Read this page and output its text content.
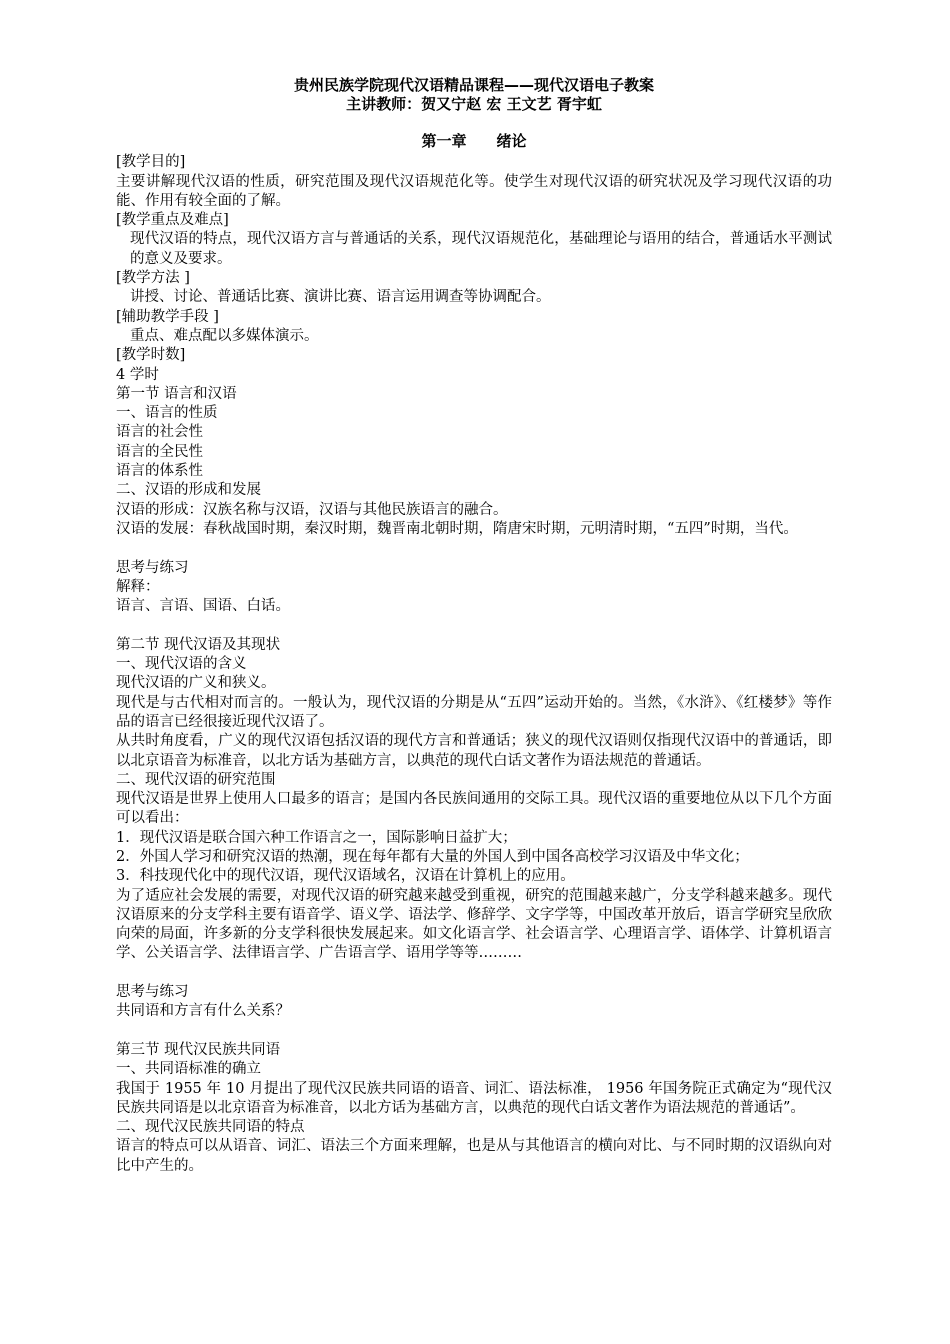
贵州民族学院现代汉语精品课程——现代汉语电子教案
主讲教师：贺又宁赵 宏 王文艺 胥宇虹
第一章　　绪论
[教学目的]
主要讲解现代汉语的性质，研究范围及现代汉语规范化等。使学生对现代汉语的研究状况及学习现代汉语的功能、作用有较全面的了解。
[教学重点及难点]
现代汉语的特点，现代汉语方言与普通话的关系，现代汉语规范化，基础理论与语用的结合，普通话水平测试的意义及要求。
[教学方法 ]
讲授、讨论、普通话比赛、演讲比赛、语言运用调查等协调配合。
[辅助教学手段 ]
重点、难点配以多媒体演示。
[教学时数]
4 学时
第一节 语言和汉语
一、语言的性质
语言的社会性
语言的全民性
语言的体系性
二、汉语的形成和发展
汉语的形成：汉族名称与汉语，汉语与其他民族语言的融合。
汉语的发展：春秋战国时期，秦汉时期，魏晋南北朝时期，隋唐宋时期，元明清时期，“五四”时期，当代。
思考与练习
解释：
语言、言语、国语、白话。
第二节 现代汉语及其现状
一、现代汉语的含义
现代汉语的广义和狭义。
现代是与古代相对而言的。一般认为，现代汉语的分期是从“五四”运动开始的。当然，《水浒》、《红楼梦》等作品的语言已经很接近现代汉语了。
从共时角度看，广义的现代汉语包括汉语的现代方言和普通话；狭义的现代汉语则仅指现代汉语中的普通话，即以北京语音为标准音，以北方话为基础方言，以典范的现代白话文著作为语法规范的普通话。
二、现代汉语的研究范围
现代汉语是世界上使用人口最多的语言；是国内各民族间通用的交际工具。现代汉语的重要地位从以下几个方面可以看出：
1．现代汉语是联合国六种工作语言之一，国际影响日益扩大；
2．外国人学习和研究汉语的热潮，现在每年都有大量的外国人到中国各高校学习汉语及中华文化；
3．科技现代化中的现代汉语，现代汉语域名，汉语在计算机上的应用。
为了适应社会发展的需要，对现代汉语的研究越来越受到重视，研究的范围越来越广，分支学科越来越多。现代汉语原来的分支学科主要有语音学、语义学、语法学、修辞学、文字学等，中国改革开放后，语言学研究呈欣欣向荣的局面，许多新的分支学科很快发展起来。如文化语言学、社会语言学、心理语言学、语体学、计算机语言学、公关语言学、法律语言学、广告语言学、语用学等等………
思考与练习
共同语和方言有什么关系？
第三节 现代汉民族共同语
一、共同语标准的确立
我国于 1955 年 10 月提出了现代汉民族共同语的语音、词汇、语法标准， 1956 年国务院正式确定为“现代汉民族共同语是以北京语音为标准音，以北方话为基础方言，以典范的现代白话文著作为语法规范的普通话”。
二、现代汉民族共同语的特点
语言的特点可以从语音、词汇、语法三个方面来理解，也是从与其他语言的横向对比、与不同时期的汉语纵向对比中产生的。
